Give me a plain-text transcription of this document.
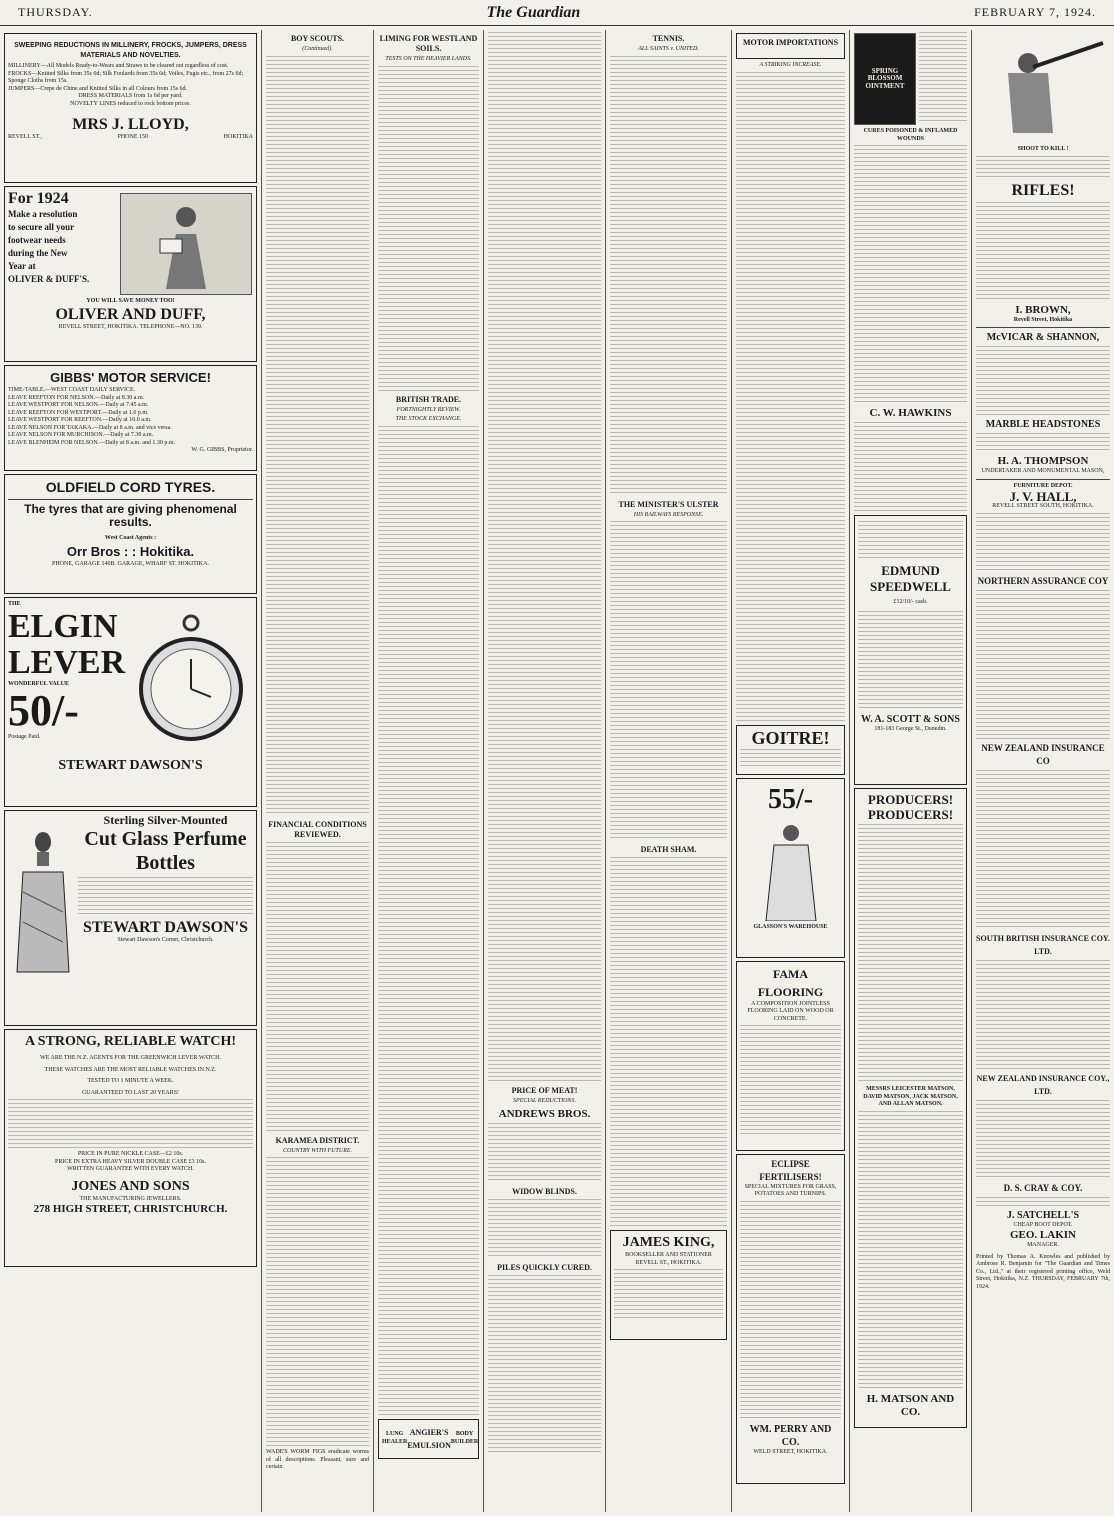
THURSDAY.	The Guardian	FEBRUARY 7, 1924.
SWEEPING REDUCTIONS IN MILLINERY, FROCKS, JUMPERS, DRESS MATERIALS AND NOVELTIES.
MILLINERY—All Models Ready-to-Wears and Straws to be cleared out regardless of cost.
FROCKS—Knitted Silks from 35s 6d; Silk Foulards from 35s 6d; Voiles, Fugis etc., from 27s 6d; Sponge Cloths from 15s.
JUMPERS—Crepe de Chine and Knitted Silks in all Colours from 15s 6d.
DRESS MATERIALS from 1s 6d per yard.
NOVELTY LINES reduced to rock bottom prices.
MRS J. LLOYD,
REVELL ST.,	PHONE 150	HOKITIKA
For 1924
Make a resolution
to secure all your
footwear needs
during the New
Year at
OLIVER & DUFF'S.
YOU WILL SAVE MONEY TOO!
OLIVER AND DUFF,
REVELL STREET, HOKITIKA. TELEPHONE—NO. 139.
GIBBS' MOTOR SERVICE!
TIME-TABLE.—WEST COAST DAILY SERVICE.
LEAVE REEFTON FOR NELSON.—Daily at 8.30 a.m.
LEAVE WESTPORT FOR NELSON.—Daily at 7.45 a.m.
LEAVE REEFTON FOR WESTPORT.—Daily at 1.0 p.m.
LEAVE WESTPORT FOR REEFTON.—Daily at 10.0 a.m.
LEAVE NELSON FOR TAKAKA.—Daily at 8 a.m. and vice versa.
LEAVE NELSON FOR MURCHISON.—Daily at 7.30 a.m.
LEAVE BLENHEIM FOR NELSON.—Daily at 8 a.m. and 1.30 p.m.
W. G. GIBBS, Proprietor.
OLDFIELD CORD TYRES.
The tyres that are giving phenomenal results.
West Coast Agents :
Orr Bros : : Hokitika.
PHONE, GARAGE 140B. GARAGE, WHARF ST. HOKITIKA.
THE
ELGIN
LEVER
WONDERFUL VALUE
50/-
Postage Paid.
STEWART DAWSON'S
Sterling Silver-Mounted
Cut Glass Perfume Bottles
STEWART DAWSON'S
Stewart Dawson's Corner, Christchurch.
A STRONG, RELIABLE WATCH!
WE ARE THE N.Z. AGENTS FOR THE GREENWICH LEVER WATCH.
THESE WATCHES ARE THE MOST RELIABLE WATCHES IN N.Z.
TESTED TO 1 MINUTE A WEEK.
GUARANTEED TO LAST 20 YEARS!
PRICE IN PURE NICKLE CASE—£2 10s.
PRICE IN EXTRA HEAVY SILVER DOUBLE CASE £3 10s.
WRITTEN GUARANTEE WITH EVERY WATCH.
JONES AND SONS
THE MANUFACTURING JEWELLERS.
278 HIGH STREET, CHRISTCHURCH.
BOY SCOUTS.
(Continued).
FINANCIAL CONDITIONS REVIEWED.
KARAMEA DISTRICT.
COUNTRY WITH FUTURE.
WADE'S WORM FIGS eradicate worms of all descriptions. Pleasant, sure and certain.
LIMING FOR WESTLAND SOILS.
TESTS ON THE HEAVIER LANDS.
BRITISH TRADE.
FORTNIGHTLY REVIEW.
THE STOCK EXCHANGE.
LUNG HEALER
ANGIER'S EMULSION
BODY BUILDER
PRICE OF MEAT!
SPECIAL REDUCTIONS.
ANDREWS BROS.
WIDOW BLINDS.
PILES QUICKLY CURED.
TENNIS.
ALL SAINTS v. UNITED.
THE MINISTER'S ULSTER
HIS RAILWAYS RESPONSE.
DEATH SHAM.
JAMES KING,
BOOKSELLER AND STATIONER
REVELL ST., HOKITIKA.
MOTOR IMPORTATIONS
A STRIKING INCREASE.
GOITRE!
55/-
GLASSON'S WAREHOUSE
FAMA FLOORING
A COMPOSITION JOINTLESS FLOORING LAID ON WOOD OR CONCRETE.
ECLIPSE FERTILISERS!
SPECIAL MIXTURES FOR GRASS, POTATOES AND TURNIPS.
WM. PERRY AND CO.
WELD STREET, HOKITIKA.
SPRING BLOSSOM OINTMENT
CURES POISONED & INFLAMED WOUNDS
C. W. HAWKINS
EDMUND SPEEDWELL
£12/10/- cash.
W. A. SCOTT & SONS
181-183 George St., Dunedin.
PRODUCERS! PRODUCERS!
MESSRS LEICESTER MATSON, DAVID MATSON, JACK MATSON, AND ALLAN MATSON.
H. MATSON AND CO.
SHOOT TO KILL !
RIFLES!
I. BROWN,
Revell Street, Hokitika
McVICAR & SHANNON,
MARBLE HEADSTONES
H. A. THOMPSON
UNDERTAKER AND MONUMENTAL MASON,
FURNITURE DEPOT.
J. V. HALL,
REVELL STREET SOUTH, HOKITIKA.
NORTHERN ASSURANCE COY
NEW ZEALAND INSURANCE CO
SOUTH BRITISH INSURANCE COY. LTD.
NEW ZEALAND INSURANCE COY., LTD.
D. S. CRAY & COY.
J. SATCHELL'S
CHEAP BOOT DEPOT.
GEO. LAKIN
MANAGER.
Printed by Thomas A. Knowles and published by Ambrose R. Benjamin for "The Guardian and Times Co., Ltd.," at their registered printing office, Weld Street, Hokitika, N.Z. THURSDAY, FEBRUARY 7th, 1924.
